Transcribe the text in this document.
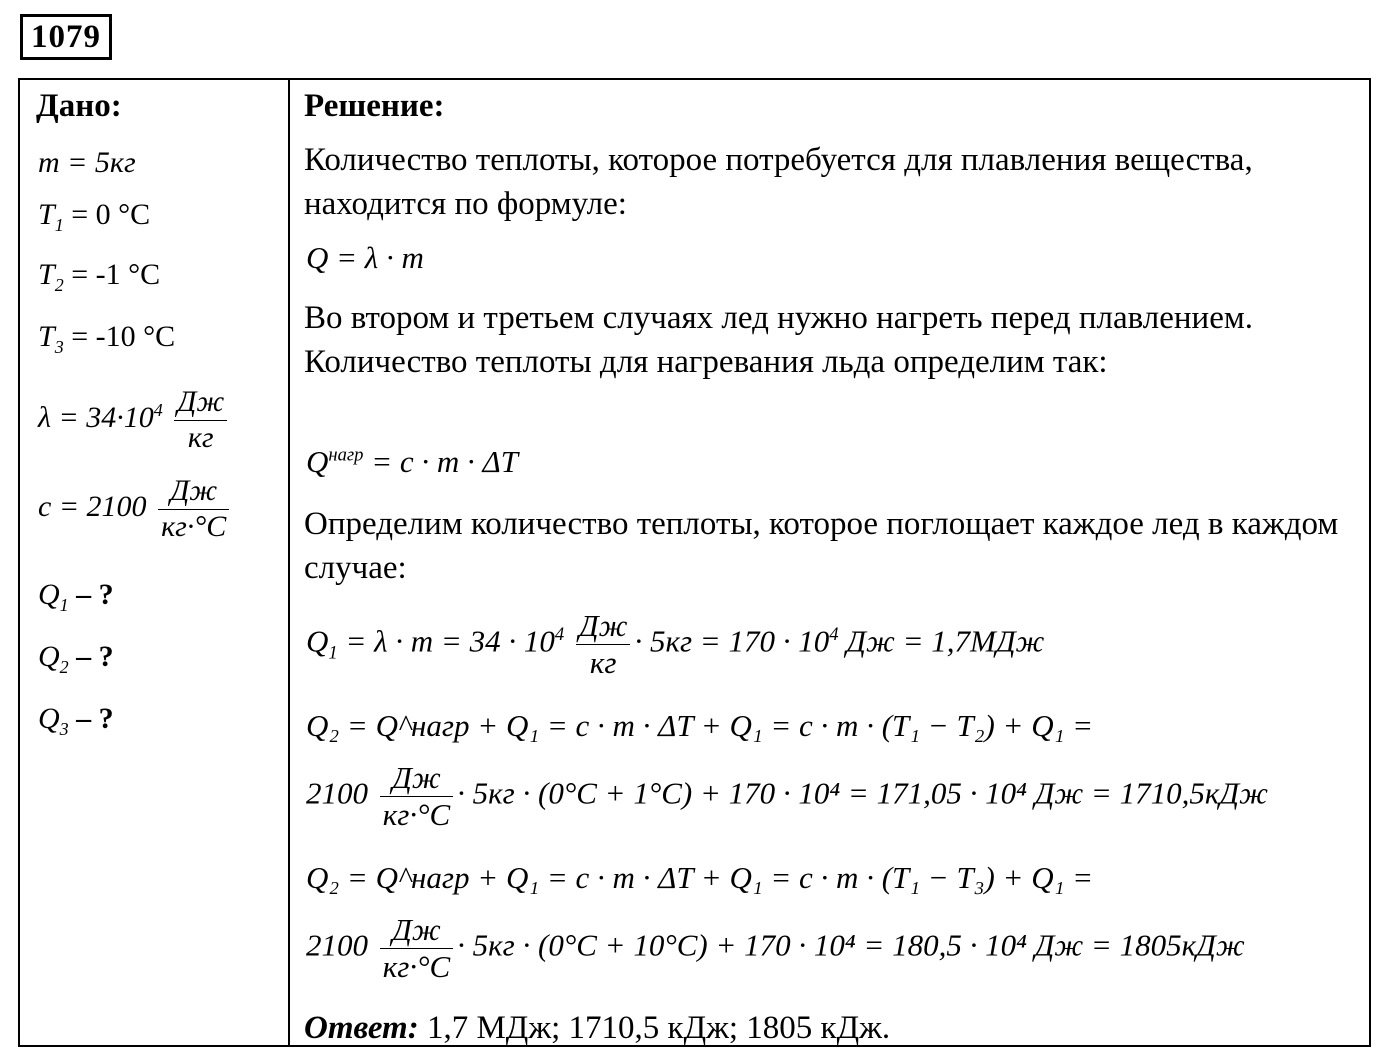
1079
Дано:
m = 5кг
$T_1 = 0$ °С
$T_2 = -1$ °С
$T_3 = -10$ °С
$\lambda = 34\cdot 10^4 \frac{Дж}{кг}$
$c = 2100 \frac{Дж}{кг\cdot^\circ С}$
$Q_1$ – ?
$Q_2$ – ?
$Q_3$ – ?
Решение:
Количество теплоты, которое потребуется для плавления вещества, находится по формуле:
Q = λ · m
Во втором и третьем случаях лед нужно нагреть перед плавлением. Количество теплоты для нагревания льда определим так:
$Q^{нагр} = c \cdot m \cdot \Delta T$
Определим количество теплоты, которое поглощает каждое лед в каждом случае:
$Q_1 = \lambda \cdot m = 34 \cdot 10^4 \frac{Дж}{кг} \cdot 5кг = 170 \cdot 10^4$ Дж = 1,7МДж
Q₂ = Q^нагр + Q₁ = c · m · ΔT + Q₁ = c · m · (T₁ − T₂) + Q₁ =
$2100 \frac{Дж}{кг\cdot^\circ С} \cdot 5кг \cdot (0^\circ С + 1^\circ С) + 170 \cdot 10^4 = 171,05 \cdot 10^4$ Дж = 1710,5кДж
Q₂ = Q^нагр + Q₁ = c · m · ΔT + Q₁ = c · m · (T₁ − T₃) + Q₁ =
$2100 \frac{Дж}{кг\cdot^\circ С} \cdot 5кг \cdot (0^\circ С + 10^\circ С) + 170 \cdot 10^4 = 180,5 \cdot 10^4$ Дж = 1805кДж
Ответ: 1,7 МДж; 1710,5 кДж; 1805 кДж.
